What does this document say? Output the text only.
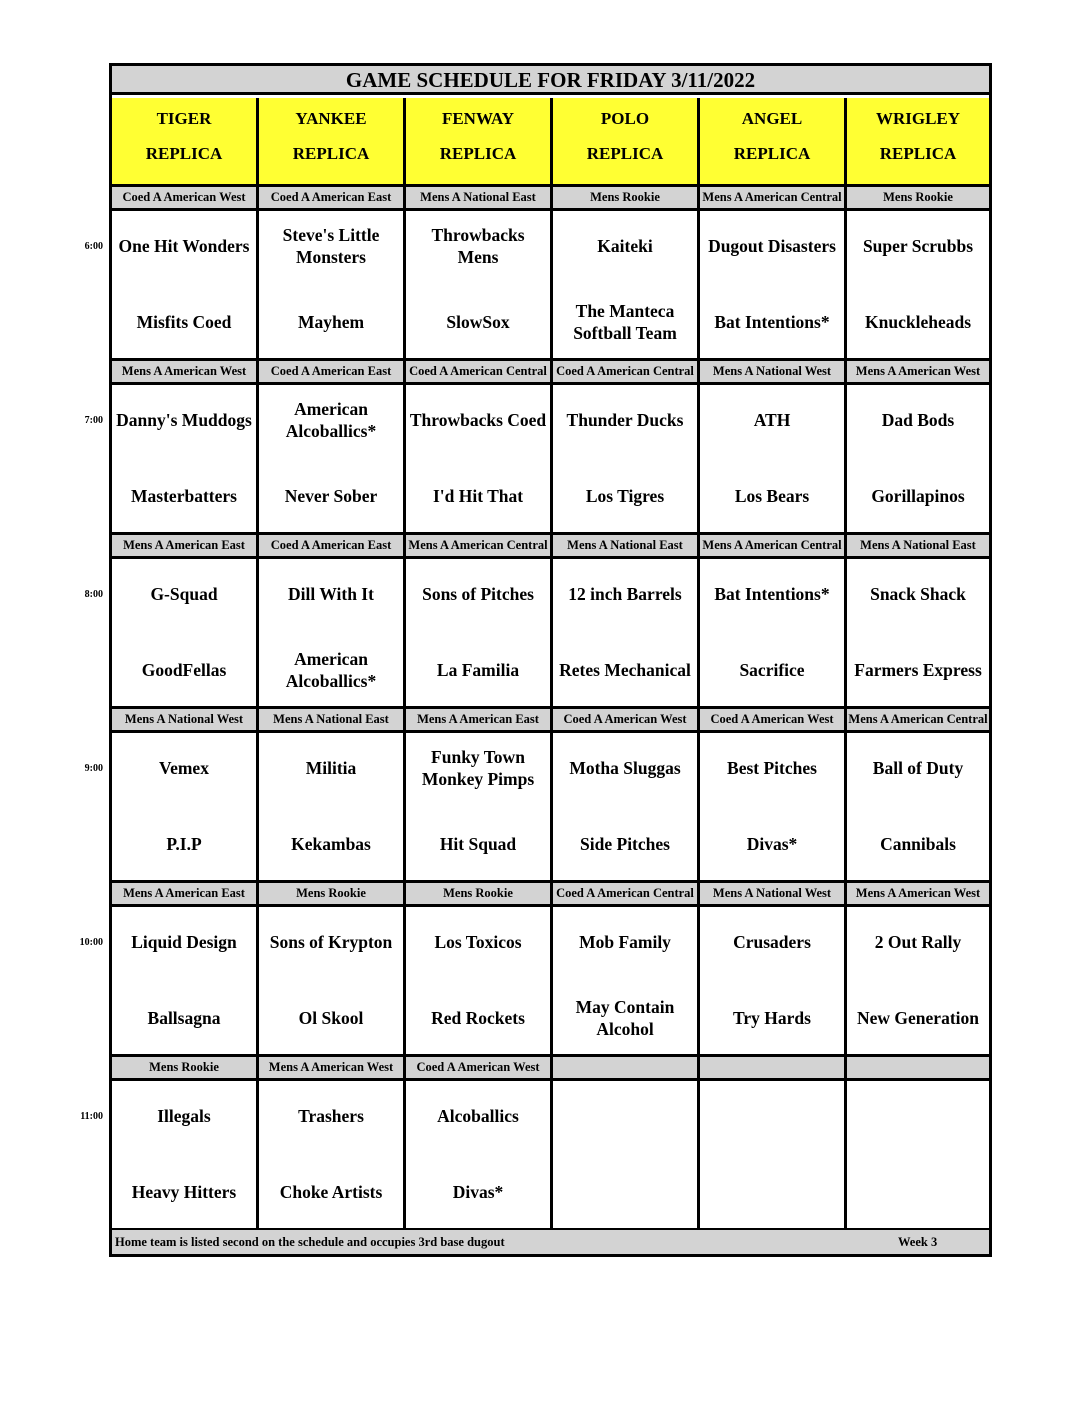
6:00
7:00
8:00
9:00
10:00
11:00
GAME SCHEDULE FOR FRIDAY 3/11/2022
TIGER
REPLICA
YANKEE
REPLICA
FENWAY
REPLICA
POLO
REPLICA
ANGEL
REPLICA
WRIGLEY
REPLICA
Coed A American West
One Hit Wonders
Misfits Coed
Coed A American East
Steve's Little
Monsters
Mayhem
Mens A National East
Throwbacks
Mens
SlowSox
Mens Rookie
Kaiteki
The Manteca
Softball Team
Mens A American Central
Dugout Disasters
Bat Intentions*
Mens Rookie
Super Scrubbs
Knuckleheads
Mens A American West
Danny's Muddogs
Masterbatters
Coed A American East
American
Alcoballics*
Never Sober
Coed A American Central
Throwbacks Coed
I'd Hit That
Coed A American Central
Thunder Ducks
Los Tigres
Mens A National West
ATH
Los Bears
Mens A American West
Dad Bods
Gorillapinos
Mens A American East
G-Squad
GoodFellas
Coed A American East
Dill With It
American
Alcoballics*
Mens A American Central
Sons of Pitches
La Familia
Mens A National East
12 inch Barrels
Retes Mechanical
Mens A American Central
Bat Intentions*
Sacrifice
Mens A National East
Snack Shack
Farmers Express
Mens A National West
Vemex
P.I.P
Mens A National East
Militia
Kekambas
Mens A American East
Funky Town
Monkey Pimps
Hit Squad
Coed A American West
Motha Sluggas
Side Pitches
Coed A American West
Best Pitches
Divas*
Mens A American Central
Ball of Duty
Cannibals
Mens A American East
Liquid Design
Ballsagna
Mens Rookie
Sons of Krypton
Ol Skool
Mens Rookie
Los Toxicos
Red Rockets
Coed A American Central
Mob Family
May Contain
Alcohol
Mens A National West
Crusaders
Try Hards
Mens A American West
2 Out Rally
New Generation
Mens Rookie
Illegals
Heavy Hitters
Mens A American West
Trashers
Choke Artists
Coed A American West
Alcoballics
Divas*
Home team is listed second on the schedule and occupies 3rd base dugout	Week 3
